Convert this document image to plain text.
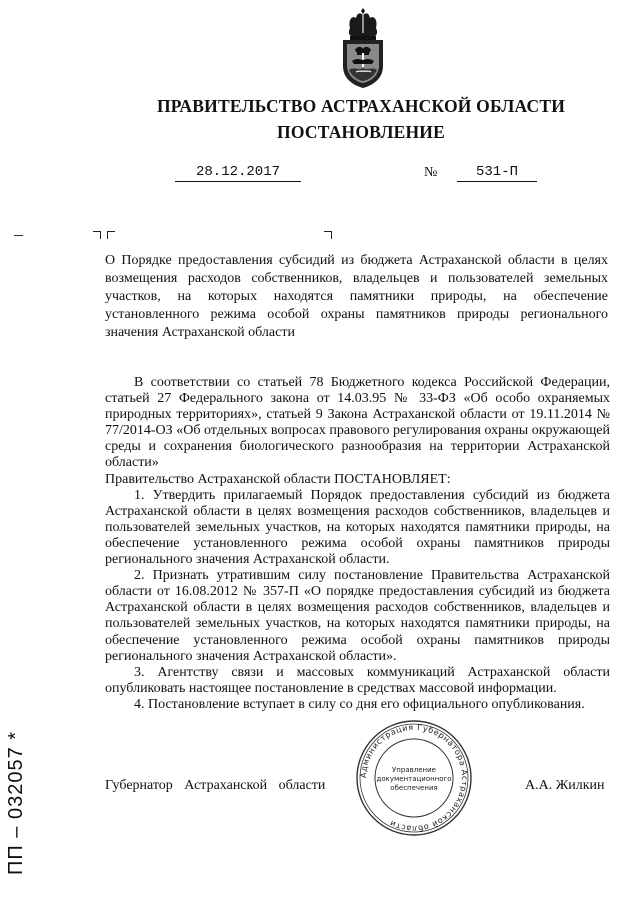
ПРАВИТЕЛЬСТВО АСТРАХАНСКОЙ ОБЛАСТИ
ПОСТАНОВЛЕНИЕ
28.12.2017	№	531-П
О Порядке предоставления субсидий из бюджета Астраханской области в целях возмещения расходов собственников, владельцев и пользователей земельных участков, на которых находятся памятники природы, на обеспечение установленного режима особой охраны памятников природы регионального значения Астраханской области

В соответствии со статьей 78 Бюджетного кодекса Российской Федерации, статьей 27 Федерального закона от 14.03.95 № 33-ФЗ «Об особо охраняемых природных территориях», статьей 9 Закона Астраханской области от 19.11.2014 № 77/2014-ОЗ «Об отдельных вопросах правового регулирования охраны окружающей среды и сохранения биологического разнообразия на территории Астраханской области»

Правительство Астраханской области ПОСТАНОВЛЯЕТ:

1. Утвердить прилагаемый Порядок предоставления субсидий из бюджета Астраханской области в целях возмещения расходов собственников, владельцев и пользователей земельных участков, на которых находятся памятники природы, на обеспечение установленного режима особой охраны памятников природы регионального значения Астраханской области.

2. Признать утратившим силу постановление Правительства Астраханской области от 16.08.2012 № 357-П «О порядке предоставления субсидий из бюджета Астраханской области в целях возмещения расходов собственников, владельцев и пользователей земельных участков, на которых находятся памятники природы, на обеспечение установленного режима особой охраны памятников природы регионального значения Астраханской области».

3. Агентству связи и массовых коммуникаций Астраханской области опубликовать настоящее постановление в средствах массовой информации.

4. Постановление вступает в силу со дня его официального опубликования.

Администрация Губернатора Астраханской области
Управление
документационного
обеспечения
Губернатор Астраханской области	А.А. Жилкин
ПП – 032057 *
